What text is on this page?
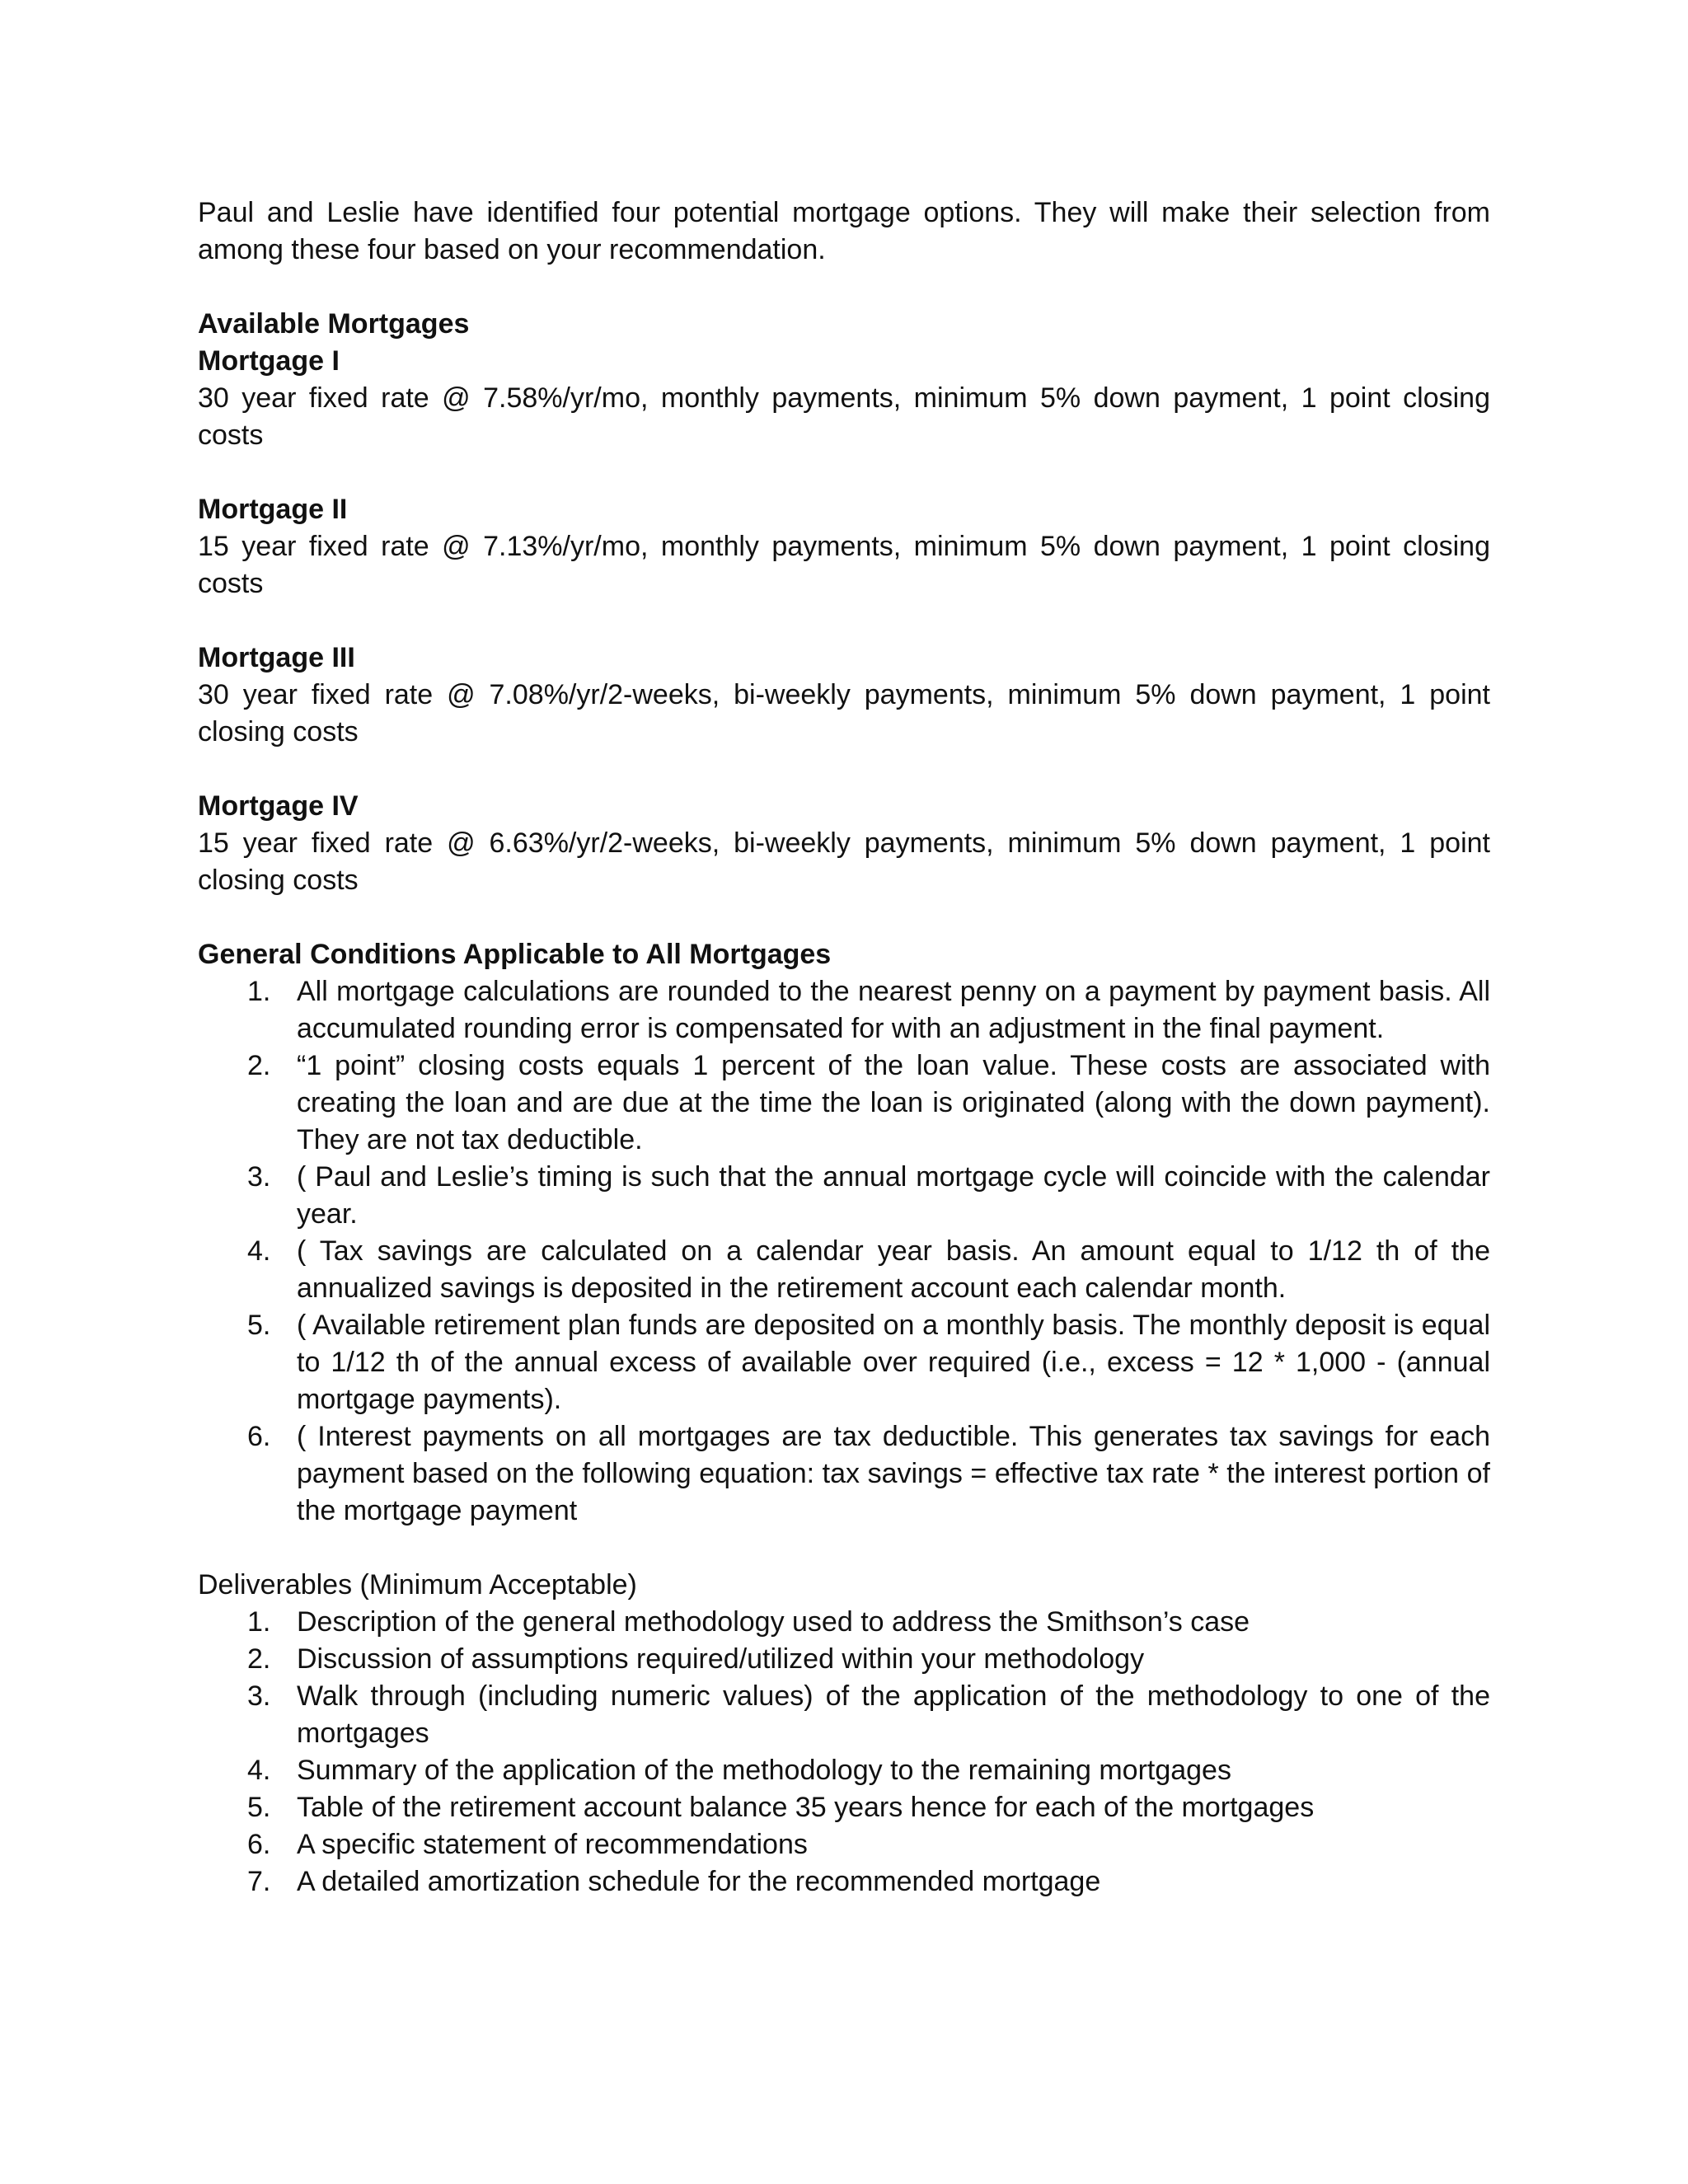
Paul and Leslie have identified four potential mortgage options. They will make their selection from among these four based on your recommendation.

Available Mortgages

Mortgage I

30 year fixed rate @ 7.58%/yr/mo, monthly payments, minimum 5% down payment, 1 point closing costs

Mortgage II

15 year fixed rate @ 7.13%/yr/mo, monthly payments, minimum 5% down payment, 1 point closing costs

Mortgage III

30 year fixed rate @ 7.08%/yr/2-weeks, bi-weekly payments, minimum 5% down payment, 1 point closing costs

Mortgage IV

15 year fixed rate @ 6.63%/yr/2-weeks, bi-weekly payments, minimum 5% down payment, 1 point closing costs

General Conditions Applicable to All Mortgages

1. All mortgage calculations are rounded to the nearest penny on a payment by payment basis. All accumulated rounding error is compensated for with an adjustment in the final payment.
2. “1 point” closing costs equals 1 percent of the loan value. These costs are associated with creating the loan and are due at the time the loan is originated (along with the down payment). They are not tax deductible.
3. ( Paul and Leslie’s timing is such that the annual mortgage cycle will coincide with the calendar year.
4. ( Tax savings are calculated on a calendar year basis. An amount equal to 1/12 th of the annualized savings is deposited in the retirement account each calendar month.
5. ( Available retirement plan funds are deposited on a monthly basis. The monthly deposit is equal to 1/12 th of the annual excess of available over required (i.e., excess = 12 * 1,000 - (annual mortgage payments).
6. ( Interest payments on all mortgages are tax deductible. This generates tax savings for each payment based on the following equation: tax savings = effective tax rate * the interest portion of the mortgage payment

Deliverables (Minimum Acceptable)

1. Description of the general methodology used to address the Smithson’s case
2. Discussion of assumptions required/utilized within your methodology
3. Walk through (including numeric values) of the application of the methodology to one of the mortgages
4. Summary of the application of the methodology to the remaining mortgages
5. Table of the retirement account balance 35 years hence for each of the mortgages
6. A specific statement of recommendations
7. A detailed amortization schedule for the recommended mortgage
